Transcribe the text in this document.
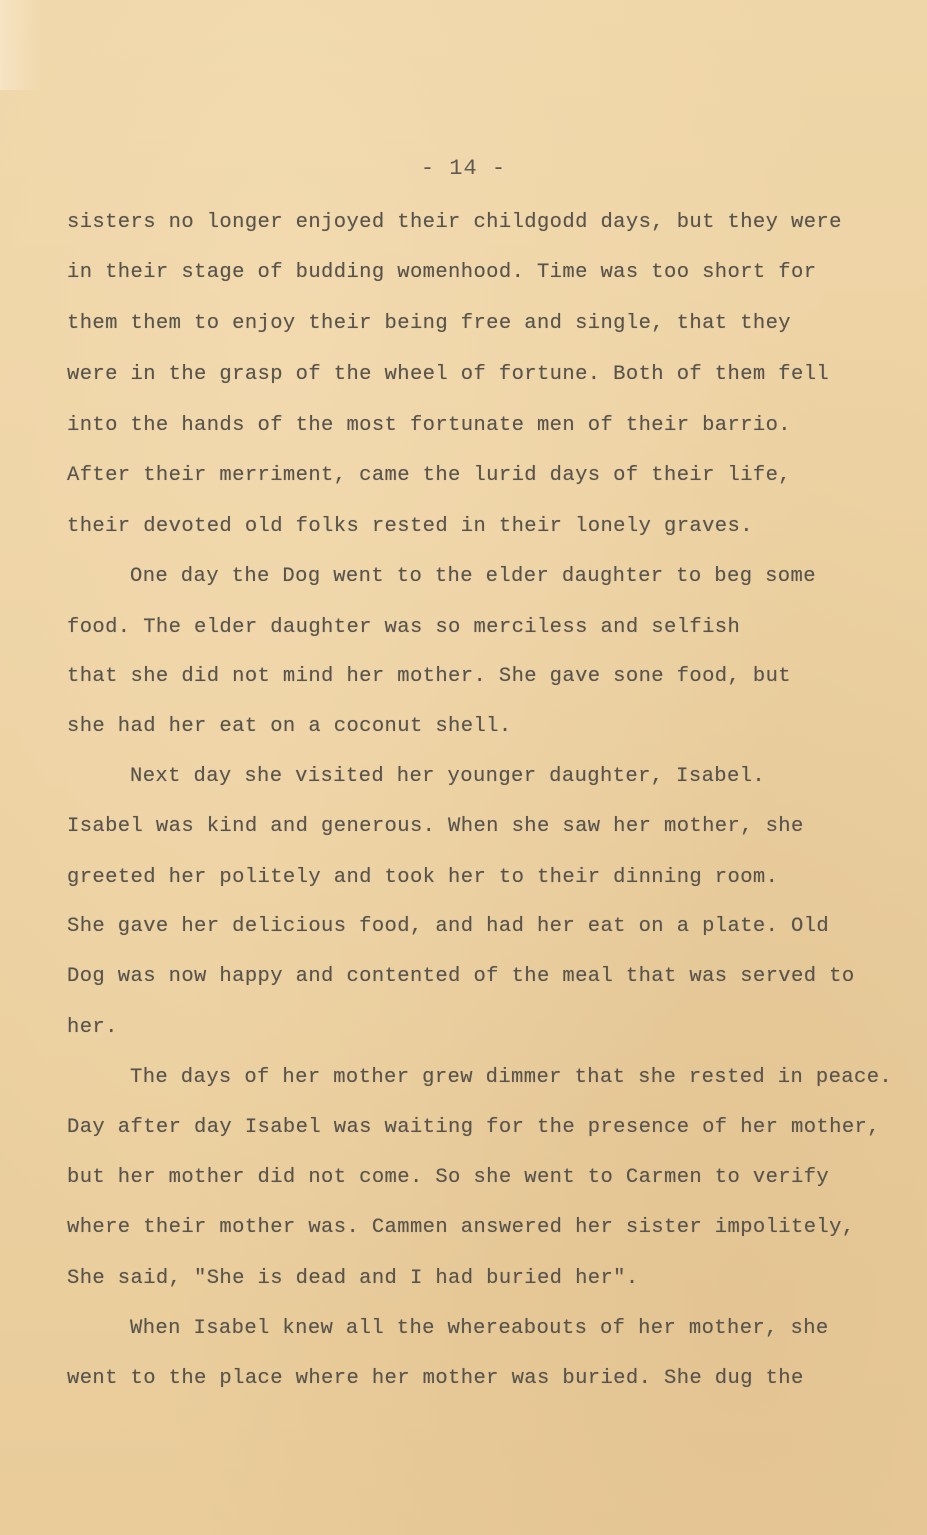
- 14 -
sisters no longer enjoyed their childgodd days, but they were
in their stage of budding womenhood. Time was too short for
them them to enjoy their being free and single, that they
were in the grasp of the wheel of fortune. Both of them fell
into the hands of the most fortunate men of their barrio.
After their merriment, came the lurid days of their life,
their devoted old folks rested in their lonely graves.
One day the Dog went to the elder daughter to beg some
food. The elder daughter was so merciless and selfish
that she did not mind her mother. She gave sone food, but
she had her eat on a coconut shell.
Next day she visited her younger daughter, Isabel.
Isabel was kind and generous. When she saw her mother, she
greeted her politely and took her to their dinning room.
She gave her delicious food, and had her eat on a plate. Old
Dog was now happy and contented of the meal that was served to
her.
The days of her mother grew dimmer that she rested in peace.
Day after day Isabel was waiting for the presence of her mother,
but her mother did not come. So she went to Carmen to verify
where their mother was. Cammen answered her sister impolitely,
She said, "She is dead and I had buried her".
When Isabel knew all the whereabouts of her mother, she
went to the place where her mother was buried. She dug the
